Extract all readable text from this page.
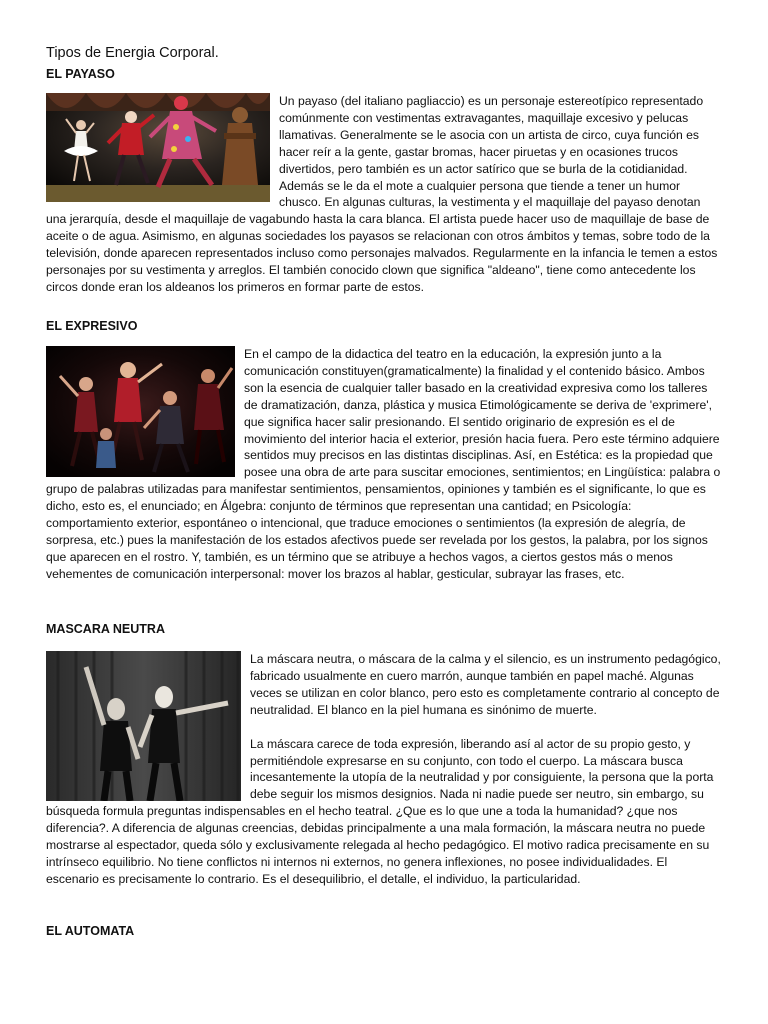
Tipos de Energia Corporal.
EL PAYASO

Un payaso (del italiano pagliaccio) es un personaje estereotípico representado comúnmente con vestimentas extravagantes, maquillaje excesivo y pelucas llamativas. Generalmente se le asocia con un artista de circo, cuya función es hacer reír a la gente, gastar bromas, hacer piruetas y en ocasiones trucos divertidos, pero también es un actor satírico que se burla de la cotidianidad. Además se le da el mote a cualquier persona que tiende a tener un humor chusco. En algunas culturas, la vestimenta y el maquillaje del payaso denotan una jerarquía, desde el maquillaje de vagabundo hasta la cara blanca. El artista puede hacer uso de maquillaje de base de aceite o de agua. Asimismo, en algunas sociedades los payasos se relacionan con otros ámbitos y temas, sobre todo de la televisión, donde aparecen representados incluso como personajes malvados. Regularmente en la infancia le temen a estos personajes por su vestimenta y arreglos. El también conocido clown que significa "aldeano", tiene como antecedente los circos donde eran los aldeanos los primeros en formar parte de estos.

EL EXPRESIVO

En el campo de la didactica del teatro en la educación, la expresión junto a la comunicación constituyen(gramaticalmente) la finalidad y el contenido básico. Ambos son la esencia de cualquier taller basado en la creatividad expresiva como los talleres de dramatización, danza, plástica y musica Etimológicamente se deriva de 'exprimere', que significa hacer salir presionando. El sentido originario de expresión es el de movimiento del interior hacia el exterior, presión hacia fuera. Pero este término adquiere sentidos muy precisos en las distintas disciplinas. Así, en Estética: es la propiedad que posee una obra de arte para suscitar emociones, sentimientos; en Lingüística: palabra o grupo de palabras utilizadas para manifestar sentimientos, pensamientos, opiniones y también es el significante, lo que es dicho, esto es, el enunciado; en Álgebra: conjunto de términos que representan una cantidad; en Psicología: comportamiento exterior, espontáneo o intencional, que traduce emociones o sentimientos (la expresión de alegría, de sorpresa, etc.) pues la manifestación de los estados afectivos puede ser revelada por los gestos, la palabra, por los signos que aparecen en el rostro. Y, también, es un término que se atribuye a hechos vagos, a ciertos gestos más o menos vehementes de comunicación interpersonal: mover los brazos al hablar, gesticular, subrayar las frases, etc.

MASCARA NEUTRA

La máscara neutra, o máscara de la calma y el silencio, es un instrumento pedagógico, fabricado usualmente en cuero marrón, aunque también en papel maché. Algunas veces se utilizan en color blanco, pero esto es completamente contrario al concepto de neutralidad. El blanco en la piel humana es sinónimo de muerte.

La máscara carece de toda expresión, liberando así al actor de su propio gesto, y permitiéndole expresarse en su conjunto, con todo el cuerpo. La máscara busca incesantemente la utopía de la neutralidad y por consiguiente, la persona que la porta debe seguir los mismos designios. Nada ni nadie puede ser neutro, sin embargo, su búsqueda formula preguntas indispensables en el hecho teatral. ¿Que es lo que une a toda la humanidad? ¿que nos diferencia?. A diferencia de algunas creencias, debidas principalmente a una mala formación, la máscara neutra no puede mostrarse al espectador, queda sólo y exclusivamente relegada al hecho pedagógico. El motivo radica precisamente en su intrínseco equilibrio. No tiene conflictos ni internos ni externos, no genera inflexiones, no posee individualidades. El escenario es precisamente lo contrario. Es el desequilibrio, el detalle, el individuo, la particularidad.

EL AUTOMATA
